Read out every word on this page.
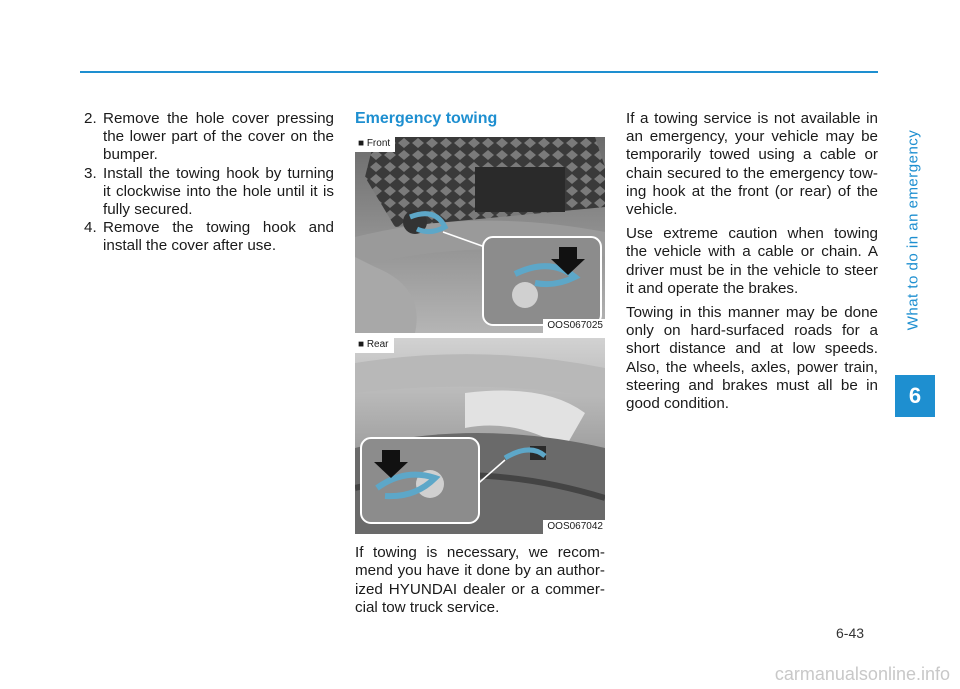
What to do in an emergency
6
2. Remove the hole cover pressing the lower part of the cover on the bumper.
3. Install the towing hook by turning it clockwise into the hole until it is fully secured.
4. Remove the towing hook and install the cover after use.
Emergency towing
■ Front
OOS067025
■ Rear
OOS067042

If towing is necessary, we recom-mend you have it done by an author-ized HYUNDAI dealer or a commer-cial tow truck service.

If a towing service is not available in an emergency, your vehicle may be temporarily towed using a cable or chain secured to the emergency tow-ing hook at the front (or rear) of the vehicle.

Use extreme caution when towing the vehicle with a cable or chain. A driver must be in the vehicle to steer it and operate the brakes.

Towing in this manner may be done only on hard-surfaced roads for a short distance and at low speeds. Also, the wheels, axles, power train, steering and brakes must all be in good condition.

6-43
carmanualsonline.info
